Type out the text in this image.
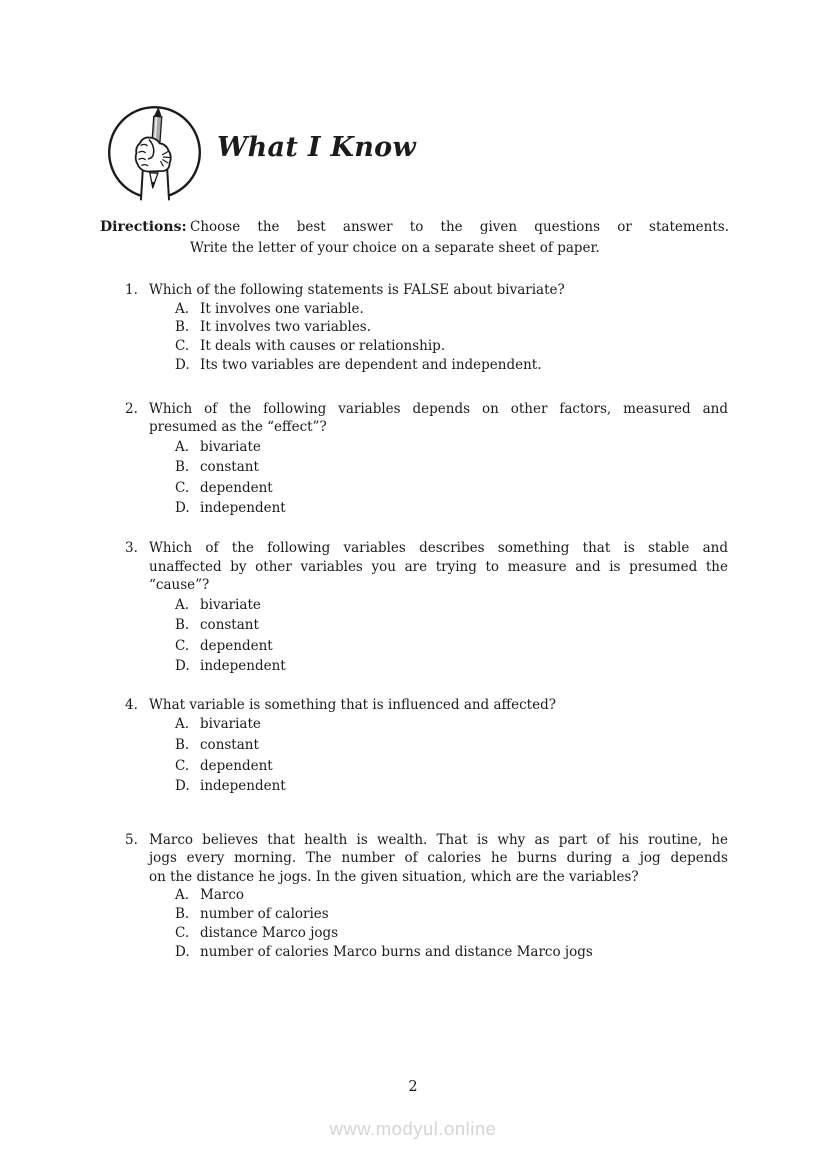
What I Know
Directions: Choose the best answer to the given questions or statements.
Write the letter of your choice on a separate sheet of paper.
1. Which of the following statements is FALSE about bivariate?
A. It involves one variable.
B. It involves two variables.
C. It deals with causes or relationship.
D. Its two variables are dependent and independent.
2. Which of the following variables depends on other factors, measured and
presumed as the “effect”?
A. bivariate
B. constant
C. dependent
D. independent
3. Which of the following variables describes something that is stable and
unaffected by other variables you are trying to measure and is presumed the
“cause”?
A. bivariate
B. constant
C. dependent
D. independent
4. What variable is something that is influenced and affected?
A. bivariate
B. constant
C. dependent
D. independent
5. Marco believes that health is wealth. That is why as part of his routine, he
jogs every morning. The number of calories he burns during a jog depends
on the distance he jogs. In the given situation, which are the variables?
A. Marco
B. number of calories
C. distance Marco jogs
D. number of calories Marco burns and distance Marco jogs
2
www.modyul.online
